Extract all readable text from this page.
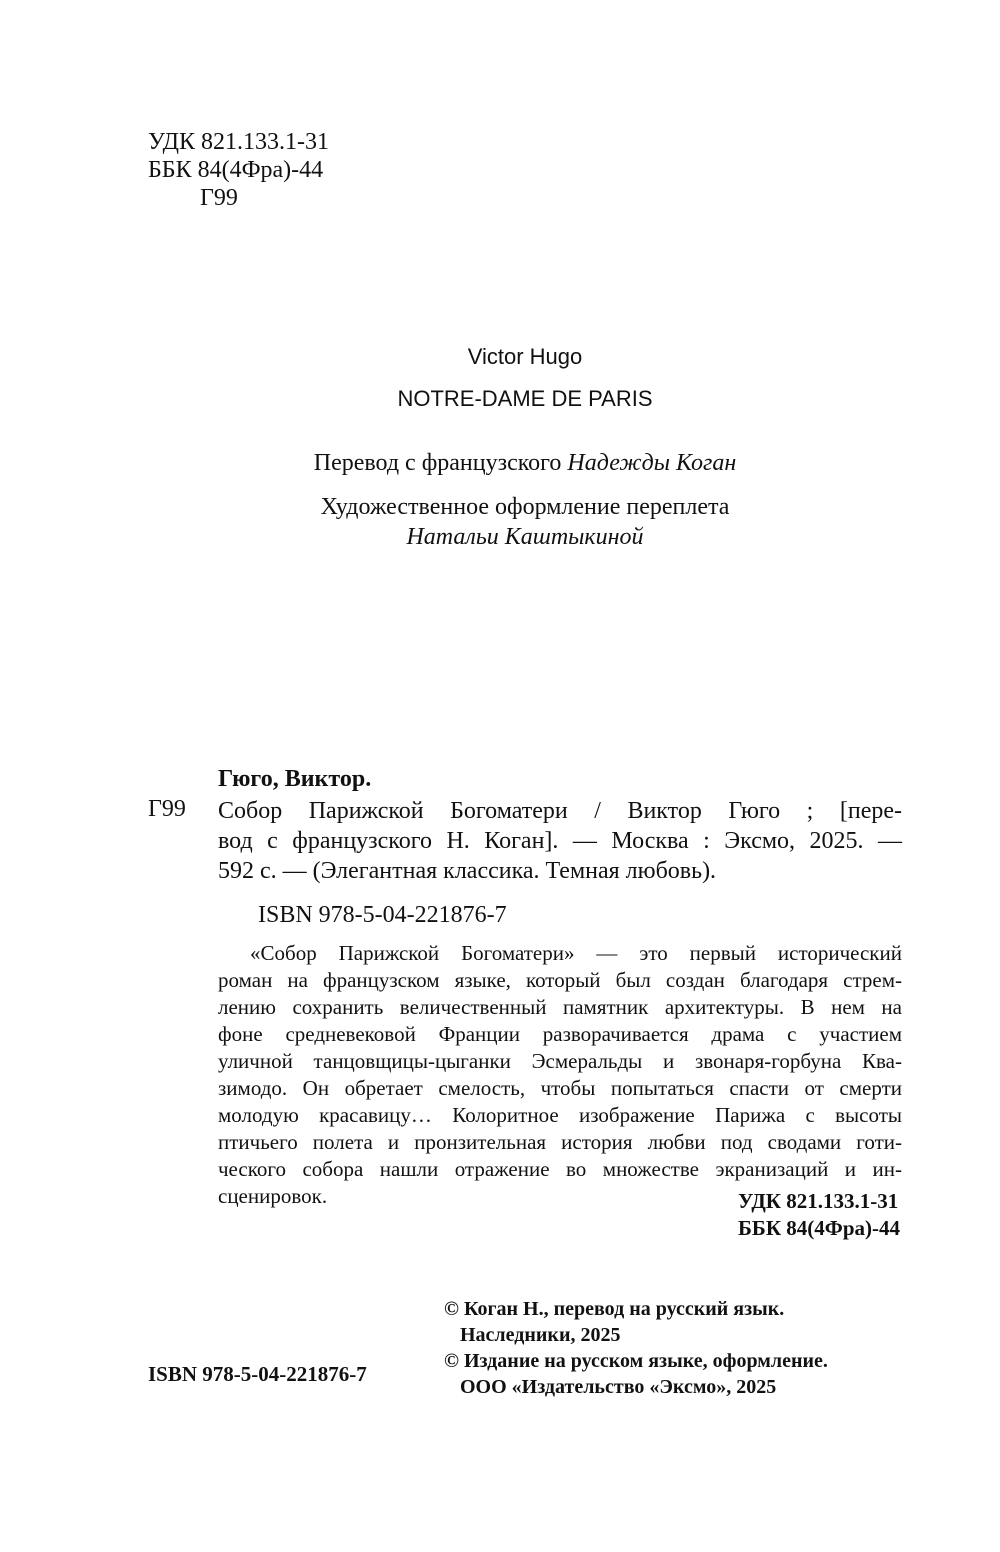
УДК 821.133.1-31
ББК 84(4Фра)-44
Г99
Victor Hugo
NOTRE-DAME DE PARIS
Перевод с французского Надежды Коган
Художественное оформление переплета
Натальи Каштыкиной
Гюго, Виктор.
Г99 Собор Парижской Богоматери / Виктор Гюго ; [пере-
вод с французского Н. Коган]. — Москва : Эксмо, 2025. —
592 с. — (Элегантная классика. Темная любовь).
ISBN 978-5-04-221876-7
«Собор Парижской Богоматери» — это первый исторический
роман на французском языке, который был создан благодаря стрем-
лению сохранить величественный памятник архитектуры. В нем на
фоне средневековой Франции разворачивается драма с участием
уличной танцовщицы-цыганки Эсмеральды и звонаря-горбуна Ква-
зимодо. Он обретает смелость, чтобы попытаться спасти от смерти
молодую красавицу… Колоритное изображение Парижа с высоты
птичьего полета и пронзительная история любви под сводами готи-
ческого собора нашли отражение во множестве экранизаций и ин-
сценировок.	УДК 821.133.1-31
ББК 84(4Фра)-44
© Коган Н., перевод на русский язык.
Наследники, 2025
© Издание на русском языке, оформление.
ООО «Издательство «Эксмо», 2025
ISBN 978-5-04-221876-7
